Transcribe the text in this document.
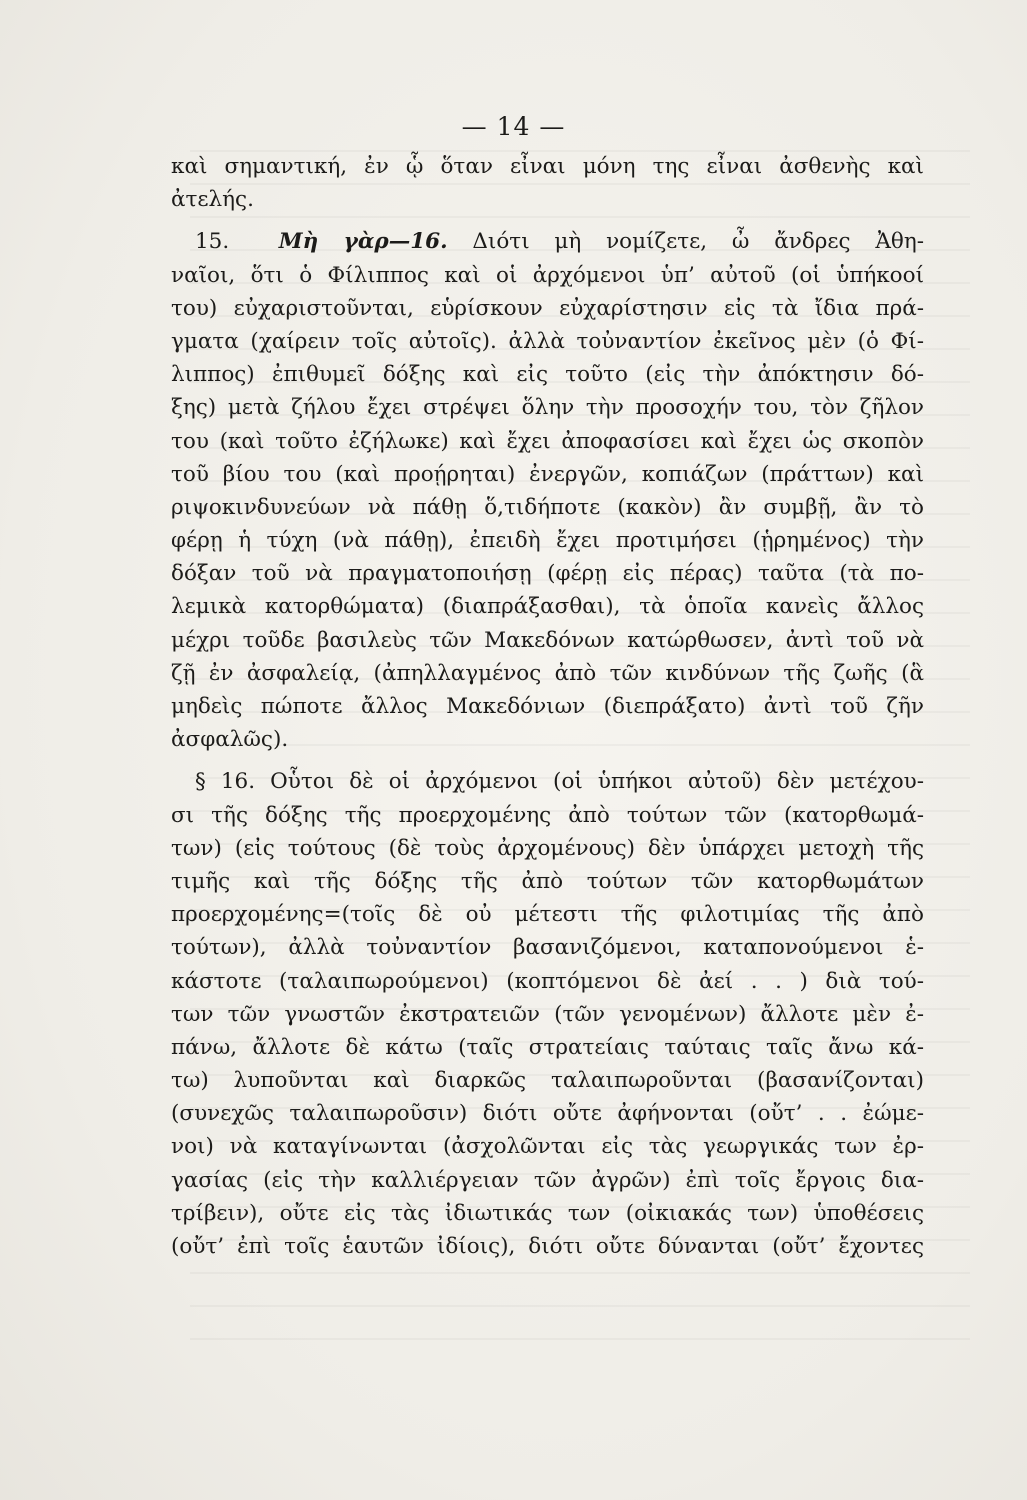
— 14 —
καὶ σημαντική, ἐν ᾧ ὅταν εἶναι μόνη της εἶναι ἀσθενὴς καὶ
ἀτελής.
15. Μὴ γὰρ—16. Διότι μὴ νομίζετε, ὦ ἄνδρες Ἀθη-
ναῖοι, ὅτι ὁ Φίλιππος καὶ οἱ ἀρχόμενοι ὑπ’ αὐτοῦ (οἱ ὑπήκοοί
του) εὐχαριστοῦνται, εὑρίσκουν εὐχαρίστησιν εἰς τὰ ἴδια πρά-
γματα (χαίρειν τοῖς αὐτοῖς). ἀλλὰ τοὐναντίον ἐκεῖνος μὲν (ὁ Φί-
λιππος) ἐπιθυμεῖ δόξης καὶ εἰς τοῦτο (εἰς τὴν ἀπόκτησιν δό-
ξης) μετὰ ζήλου ἔχει στρέψει ὅλην τὴν προσοχήν του, τὸν ζῆλον
του (καὶ τοῦτο ἐζήλωκε) καὶ ἔχει ἀποφασίσει καὶ ἔχει ὡς σκοπὸν
τοῦ βίου του (καὶ προῄρηται) ἐνεργῶν, κοπιάζων (πράττων) καὶ
ριψοκινδυνεύων νὰ πάθῃ ὅ,τιδήποτε (κακὸν) ἂν συμβῇ, ἂν τὸ
φέρῃ ἡ τύχη (νὰ πάθῃ), ἐπειδὴ ἔχει προτιμήσει (ᾑρημένος) τὴν
δόξαν τοῦ νὰ πραγματοποιήσῃ (φέρῃ εἰς πέρας) ταῦτα (τὰ πο-
λεμικὰ κατορθώματα) (διαπράξασθαι), τὰ ὁποῖα κανεὶς ἄλλος
μέχρι τοῦδε βασιλεὺς τῶν Μακεδόνων κατώρθωσεν, ἀντὶ τοῦ νὰ
ζῇ ἐν ἀσφαλείᾳ, (ἀπηλλαγμένος ἀπὸ τῶν κινδύνων τῆς ζωῆς (ἃ
μηδεὶς πώποτε ἄλλος Μακεδόνιων (διεπράξατο) ἀντὶ τοῦ ζῆν
ἀσφαλῶς).
§ 16. Οὗτοι δὲ οἱ ἀρχόμενοι (οἱ ὑπήκοι αὐτοῦ) δὲν μετέχου-
σι τῆς δόξης τῆς προερχομένης ἀπὸ τούτων τῶν (κατορθωμά-
των) (εἰς τούτους (δὲ τοὺς ἀρχομένους) δὲν ὑπάρχει μετοχὴ τῆς
τιμῆς καὶ τῆς δόξης τῆς ἀπὸ τούτων τῶν κατορθωμάτων
προερχομένης=(τοῖς δὲ οὐ μέτεστι τῆς φιλοτιμίας τῆς ἀπὸ
τούτων), ἀλλὰ τοὐναντίον βασανιζόμενοι, καταπονούμενοι ἑ-
κάστοτε (ταλαιπωρούμενοι) (κοπτόμενοι δὲ ἀεί . . ) διὰ τού-
των τῶν γνωστῶν ἐκστρατειῶν (τῶν γενομένων) ἄλλοτε μὲν ἐ-
πάνω, ἄλλοτε δὲ κάτω (ταῖς στρατείαις ταύταις ταῖς ἄνω κά-
τω) λυποῦνται καὶ διαρκῶς ταλαιπωροῦνται (βασανίζονται)
(συνεχῶς ταλαιπωροῦσιν) διότι οὔτε ἀφήνονται (οὔτ’ . . ἐώμε-
νοι) νὰ καταγίνωνται (ἀσχολῶνται εἰς τὰς γεωργικάς των ἐρ-
γασίας (εἰς τὴν καλλιέργειαν τῶν ἀγρῶν) ἐπὶ τοῖς ἔργοις δια-
τρίβειν), οὔτε εἰς τὰς ἰδιωτικάς των (οἰκιακάς των) ὑποθέσεις
(οὔτ’ ἐπὶ τοῖς ἑαυτῶν ἰδίοις), διότι οὔτε δύνανται (οὔτ’ ἔχοντες
